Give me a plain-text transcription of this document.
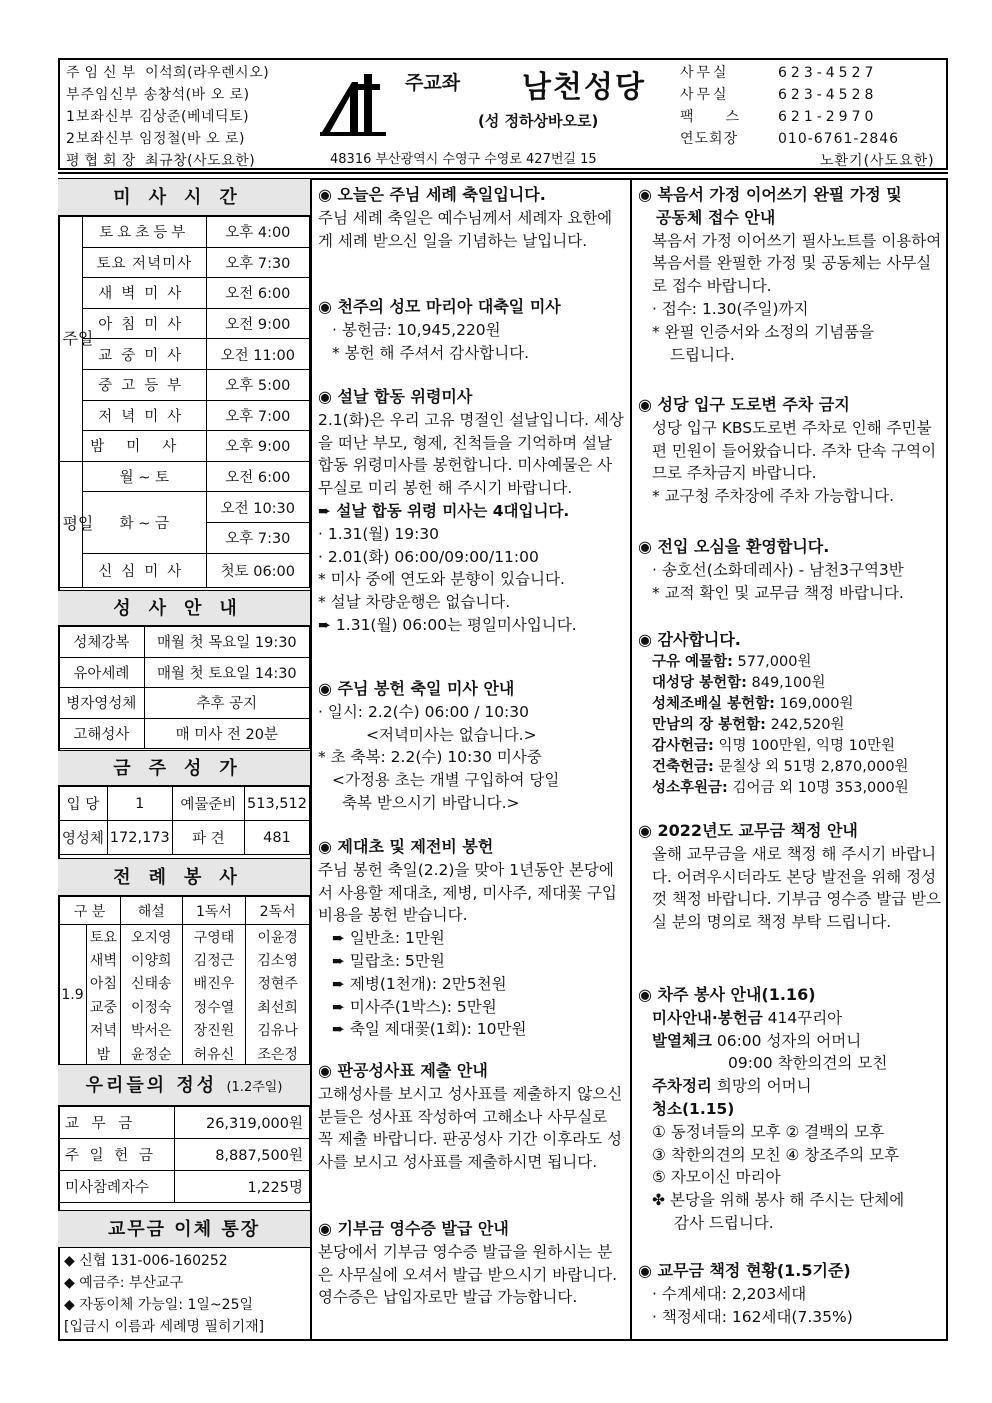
주임신부 이석희(라우렌시오)
부주임신부 송창석(바 오 로)
1보좌신부 김상준(베네딕토)
2보좌신부 임정철(바 오 로)
평협회장 최규창(사도요한)
주교좌 남천성당
(성 정하상바오로)
48316 부산광역시 수영구 수영로 427번길 15
사무실	623-4527
사무실	623-4528
팩스 621-2970
연도회장	010-6761-2846
노환기(사도요한)
미사시간
주일	토요초등부	오후 4:00
	토요 저녁미사	오후 7:30
	새벽미사	오전 6:00
	아침미사	오전 9:00
	교중미사	오전 11:00
	중고등부	오후 5:00
	저녁미사	오후 7:00
	밤미사	오후 9:00

평일	월 ~ 토	오전 6:00
	화 ~ 금	오전 10:30
		오후 7:30
	신심미사	첫토 06:00
성사안내
성체강복	매월 첫 목요일 19:30
유아세례	매월 첫 토요일 14:30
병자영성체	추후 공지
고해성사	매 미사 전 20분
금주성가
입 당	1	예물준비	513,512
영성체	172,173	파 견	481
전례봉사
구 분		해설	1독서	2독서
1.9	토요	오지영	구영태	이윤경
	새벽	이양희	김정근	김소영
	아침	신태송	배진우	정현주
	교중	이정숙	정수열	최선희
	저녁	박서은	장진원	김유나
	밤	윤정순	허유신	조은정
우리들의 정성 (1.2주일)
교 무 금	26,319,000원
주 일 헌 금	8,887,500원
미사참례자수	1,225명
교무금 이체 통장
◆ 신협 131-006-160252
◆ 예금주: 부산교구
◆ 자동이체 가능일: 1일~25일
[입금시 이름과 세례명 필히기재]

◉ 오늘은 주님 세례 축일입니다.

주님 세례 축일은 예수님께서 세례자 요한에게 세례 받으신 일을 기념하는 날입니다.

◉ 천주의 성모 마리아 대축일 미사

· 봉헌금: 10,945,220원

* 봉헌 해 주셔서 감사합니다.

◉ 설날 합동 위령미사

2.1(화)은 우리 고유 명절인 설날입니다. 세상을 떠난 부모, 형제, 친척들을 기억하며 설날 합동 위령미사를 봉헌합니다. 미사예물은 사무실로 미리 봉헌 해 주시기 바랍니다.

➨ 설날 합동 위령 미사는 4대입니다.

· 1.31(월) 19:30

· 2.01(화) 06:00/09:00/11:00

* 미사 중에 연도와 분향이 있습니다.

* 설날 차량운행은 없습니다.

➨ 1.31(월) 06:00는 평일미사입니다.

◉ 주님 봉헌 축일 미사 안내

· 일시: 2.2(수) 06:00 / 10:30

<저녁미사는 없습니다.>

* 초 축복: 2.2(수) 10:30 미사중

<가정용 초는 개별 구입하여 당일

축복 받으시기 바랍니다.>

◉ 제대초 및 제전비 봉헌

주님 봉헌 축일(2.2)을 맞아 1년동안 본당에서 사용할 제대초, 제병, 미사주, 제대꽃 구입 비용을 봉헌 받습니다.

➨ 일반초: 1만원

➨ 밀랍초: 5만원

➨ 제병(1천개): 2만5천원

➨ 미사주(1박스): 5만원

➨ 축일 제대꽃(1회): 10만원

◉ 판공성사표 제출 안내

고해성사를 보시고 성사표를 제출하지 않으신분들은 성사표 작성하여 고해소나 사무실로 꼭 제출 바랍니다. 판공성사 기간 이후라도 성사를 보시고 성사표를 제출하시면 됩니다.

◉ 기부금 영수증 발급 안내

본당에서 기부금 영수증 발급을 원하시는 분은 사무실에 오셔서 발급 받으시기 바랍니다. 영수증은 납입자로만 발급 가능합니다.

◉ 복음서 가정 이어쓰기 완필 가정 및

공동체 접수 안내

복음서 가정 이어쓰기 필사노트를 이용하여 복음서를 완필한 가정 및 공동체는 사무실로 접수 바랍니다.

· 접수: 1.30(주일)까지

* 완필 인증서와 소정의 기념품을

드립니다.

◉ 성당 입구 도로변 주차 금지

성당 입구 KBS도로변 주차로 인해 주민불편 민원이 들어왔습니다. 주차 단속 구역이므로 주차금지 바랍니다.

* 교구청 주차장에 주차 가능합니다.

◉ 전입 오심을 환영합니다.

· 송호선(소화데레사) - 남천3구역3반

* 교적 확인 및 교무금 책정 바랍니다.

◉ 감사합니다.

구유 예물함: 577,000원

대성당 봉헌함: 849,100원

성체조배실 봉헌함: 169,000원

만남의 장 봉헌함: 242,520원

감사헌금: 익명 100만원, 익명 10만원

건축헌금: 문칠상 외 51명 2,870,000원

성소후원금: 김어금 외 10명 353,000원

◉ 2022년도 교무금 책정 안내

올해 교무금을 새로 책정 해 주시기 바랍니다. 어려우시더라도 본당 발전을 위해 정성껏 책정 바랍니다. 기부금 영수증 발급 받으실 분의 명의로 책정 부탁 드립니다.

◉ 차주 봉사 안내(1.16)

미사안내·봉헌금 414꾸리아

발열체크 06:00 성자의 어머니

09:00 착한의견의 모친

주차정리 희망의 어머니

청소(1.15)

① 동정녀들의 모후 ② 결백의 모후

③ 착한의견의 모친 ④ 창조주의 모후

⑤ 자모이신 마리아

✤ 본당을 위해 봉사 해 주시는 단체에

감사 드립니다.

◉ 교무금 책정 현황(1.5기준)

· 수계세대: 2,203세대

· 책정세대: 162세대(7.35%)
